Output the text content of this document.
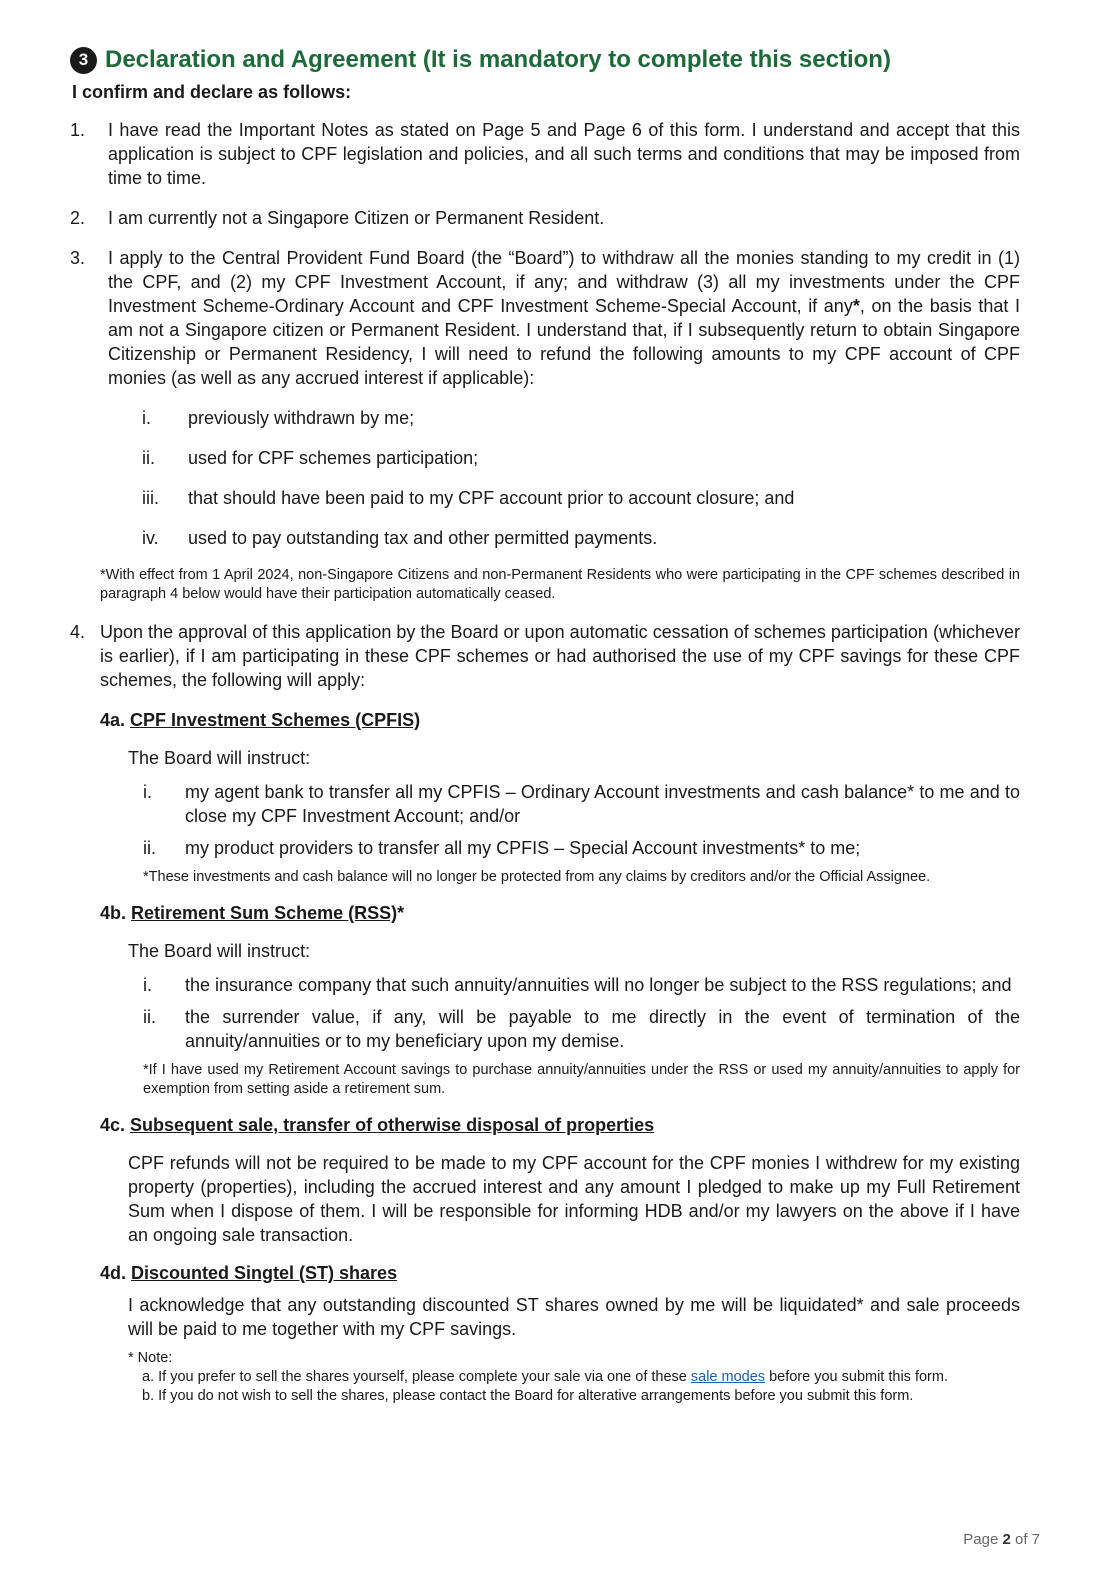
3 Declaration and Agreement (It is mandatory to complete this section)
I confirm and declare as follows:
1.	I have read the Important Notes as stated on Page 5 and Page 6 of this form. I understand and accept that this application is subject to CPF legislation and policies, and all such terms and conditions that may be imposed from time to time.
2.	I am currently not a Singapore Citizen or Permanent Resident.
3.	I apply to the Central Provident Fund Board (the “Board”) to withdraw all the monies standing to my credit in (1) the CPF, and (2) my CPF Investment Account, if any; and withdraw (3) all my investments under the CPF Investment Scheme-Ordinary Account and CPF Investment Scheme-Special Account, if any*, on the basis that I am not a Singapore citizen or Permanent Resident. I understand that, if I subsequently return to obtain Singapore Citizenship or Permanent Residency, I will need to refund the following amounts to my CPF account of CPF monies (as well as any accrued interest if applicable):
i.	previously withdrawn by me;
ii.	used for CPF schemes participation;
iii.	that should have been paid to my CPF account prior to account closure; and
iv.	used to pay outstanding tax and other permitted payments.
*With effect from 1 April 2024, non-Singapore Citizens and non-Permanent Residents who were participating in the CPF schemes described in paragraph 4 below would have their participation automatically ceased.
4. Upon the approval of this application by the Board or upon automatic cessation of schemes participation (whichever is earlier), if I am participating in these CPF schemes or had authorised the use of my CPF savings for these CPF schemes, the following will apply:
4a. CPF Investment Schemes (CPFIS)
The Board will instruct:
i.	my agent bank to transfer all my CPFIS – Ordinary Account investments and cash balance* to me and to close my CPF Investment Account; and/or
ii.	my product providers to transfer all my CPFIS – Special Account investments* to me;
*These investments and cash balance will no longer be protected from any claims by creditors and/or the Official Assignee.
4b. Retirement Sum Scheme (RSS)*
The Board will instruct:
i.	the insurance company that such annuity/annuities will no longer be subject to the RSS regulations; and
ii.	the surrender value, if any, will be payable to me directly in the event of termination of the annuity/annuities or to my beneficiary upon my demise.
*If I have used my Retirement Account savings to purchase annuity/annuities under the RSS or used my annuity/annuities to apply for exemption from setting aside a retirement sum.
4c. Subsequent sale, transfer of otherwise disposal of properties
CPF refunds will not be required to be made to my CPF account for the CPF monies I withdrew for my existing property (properties), including the accrued interest and any amount I pledged to make up my Full Retirement Sum when I dispose of them. I will be responsible for informing HDB and/or my lawyers on the above if I have an ongoing sale transaction.
4d. Discounted Singtel (ST) shares
I acknowledge that any outstanding discounted ST shares owned by me will be liquidated* and sale proceeds will be paid to me together with my CPF savings.
* Note:
a. If you prefer to sell the shares yourself, please complete your sale via one of these sale modes before you submit this form.
b. If you do not wish to sell the shares, please contact the Board for alterative arrangements before you submit this form.
Page 2 of 7
